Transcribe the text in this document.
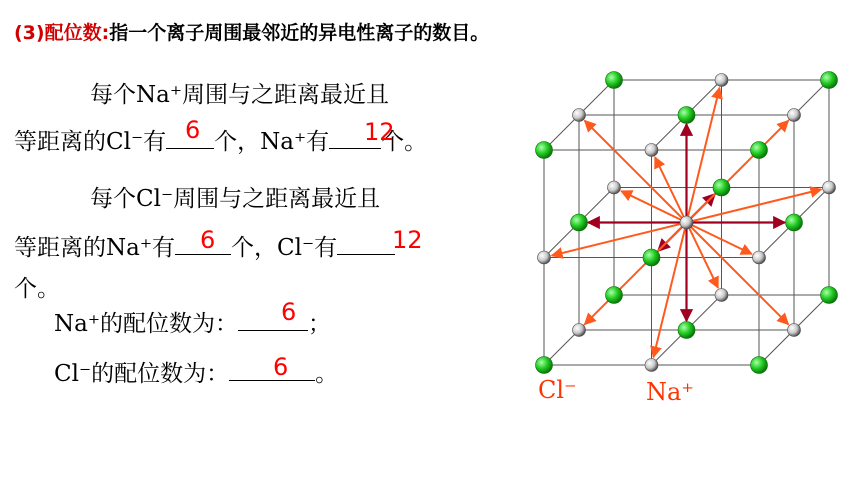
(3)配位数:指一个离子周围最邻近的异电性离子的数目。
每个Na⁺周围与之距离最近且
等距离的Cl⁻有 个，Na⁺有 个。
6	12
每个Cl⁻周围与之距离最近且
等距离的Na⁺有 个，Cl⁻有
6	12
个。
Na⁺的配位数为：	；
6
Cl⁻的配位数为：	。
6
Cl⁻	Na⁺
